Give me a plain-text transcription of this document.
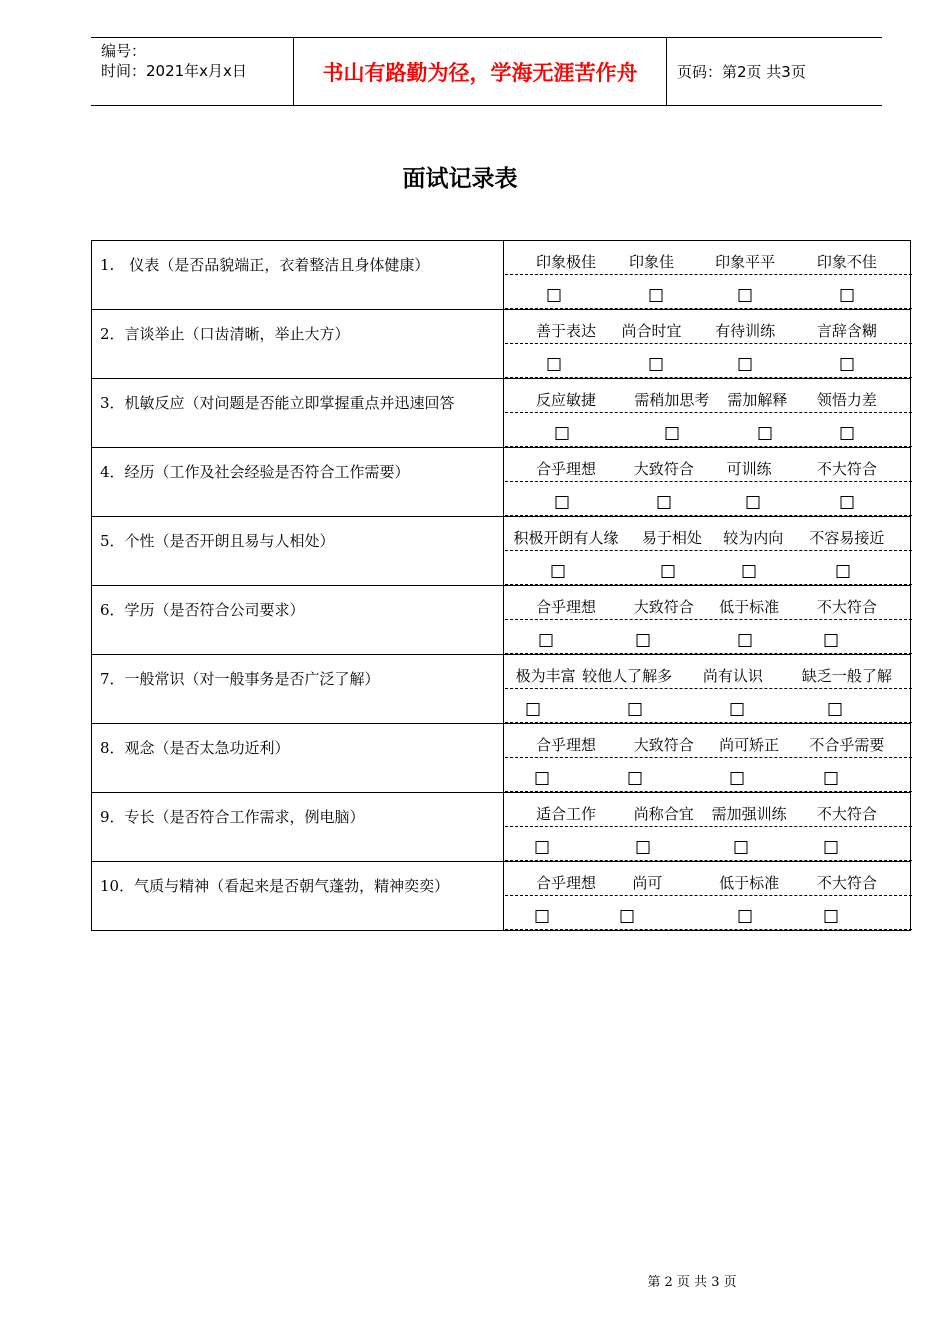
编号：
时间：2021年x月x日	书山有路勤为径，学海无涯苦作舟	页码：第2页 共3页
面试记录表
1.　仪表（是否品貌端正，衣着整洁且身体健康）	印象极佳 印象佳	印象平平	印象不佳
2．言谈举止（口齿清晰，举止大方）	善于表达 尚合时宜 有待训练	言辞含糊
3．机敏反应（对问题是否能立即掌握重点并迅速回答	反应敏捷	需稍加思考 需加解释 领悟力差
4．经历（工作及社会经验是否符合工作需要）	合乎理想	大致符合 可训练	不大符合
5．个性（是否开朗且易与人相处）	积极开朗有人缘 易于相处 较为内向 不容易接近
6．学历（是否符合公司要求）	合乎理想	大致符合 低于标准	不大符合
7．一般常识（对一般事务是否广泛了解）	极为丰富 较他人了解多 尚有认识	缺乏一般了解
8．观念（是否太急功近利）	合乎理想	大致符合 尚可矫正 不合乎需要
9．专长（是否符合工作需求，例电脑）	适合工作	尚称合宜 需加强训练 不大符合
10．气质与精神（看起来是否朝气蓬勃，精神奕奕）	合乎理想 尚可	低于标准	不大符合
第 2 页 共 3 页
